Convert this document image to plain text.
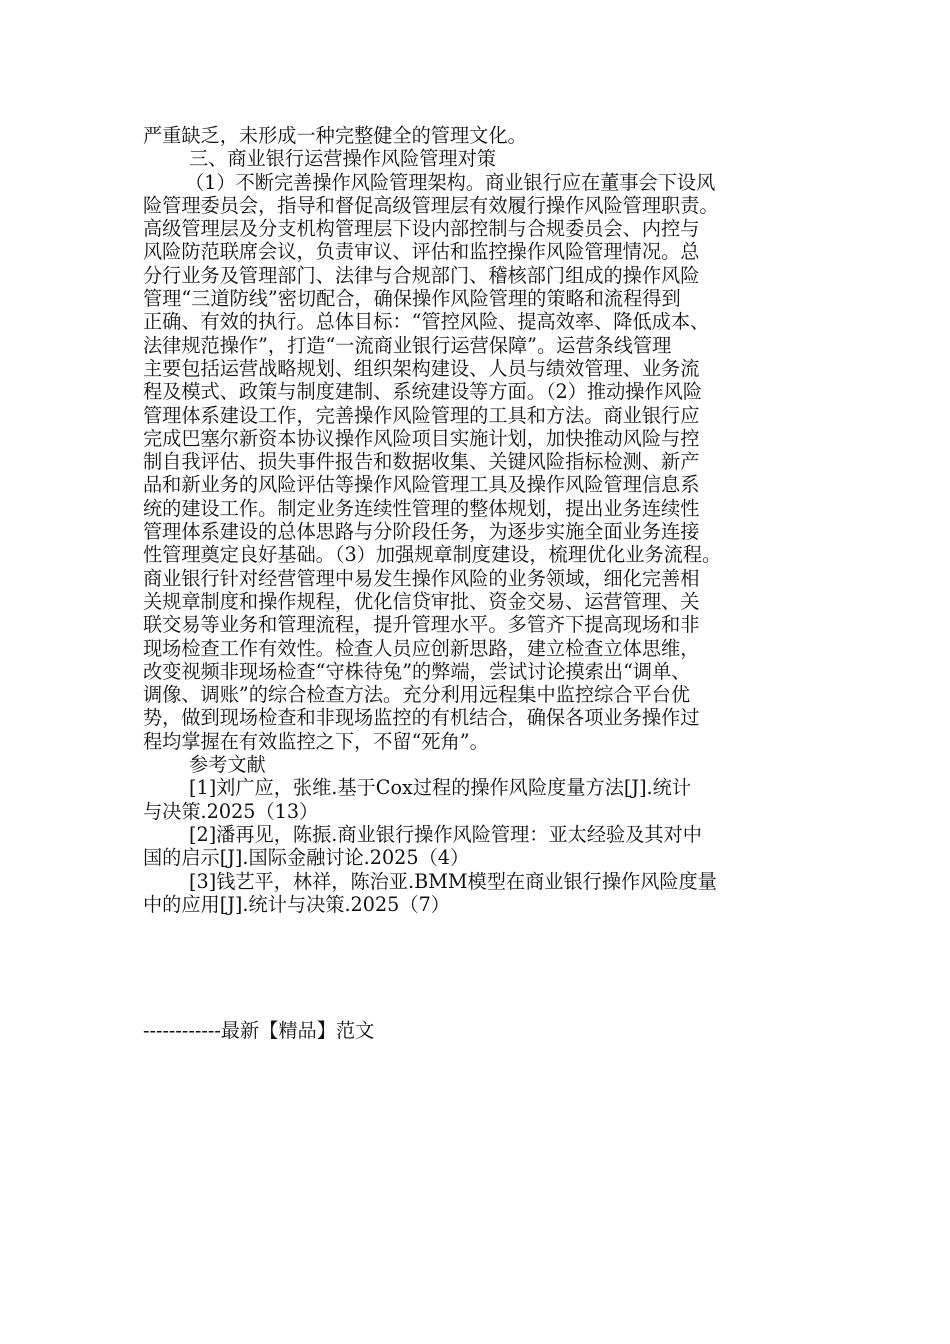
严重缺乏，未形成一种完整健全的管理文化。
三、商业银行运营操作风险管理对策
（1）不断完善操作风险管理架构。商业银行应在董事会下设风
险管理委员会，指导和督促高级管理层有效履行操作风险管理职责。
高级管理层及分支机构管理层下设内部控制与合规委员会、内控与
风险防范联席会议，负责审议、评估和监控操作风险管理情况。总
分行业务及管理部门、法律与合规部门、稽核部门组成的操作风险
管理“三道防线”密切配合，确保操作风险管理的策略和流程得到
正确、有效的执行。总体目标：“管控风险、提高效率、降低成本、
法律规范操作”，打造“一流商业银行运营保障”。运营条线管理
主要包括运营战略规划、组织架构建设、人员与绩效管理、业务流
程及模式、政策与制度建制、系统建设等方面。（2）推动操作风险
管理体系建设工作，完善操作风险管理的工具和方法。商业银行应
完成巴塞尔新资本协议操作风险项目实施计划，加快推动风险与控
制自我评估、损失事件报告和数据收集、关键风险指标检测、新产
品和新业务的风险评估等操作风险管理工具及操作风险管理信息系
统的建设工作。制定业务连续性管理的整体规划，提出业务连续性
管理体系建设的总体思路与分阶段任务，为逐步实施全面业务连接
性管理奠定良好基础。（3）加强规章制度建设，梳理优化业务流程。
商业银行针对经营管理中易发生操作风险的业务领域，细化完善相
关规章制度和操作规程，优化信贷审批、资金交易、运营管理、关
联交易等业务和管理流程，提升管理水平。多管齐下提高现场和非
现场检查工作有效性。检查人员应创新思路，建立检查立体思维，
改变视频非现场检查“守株待兔”的弊端，尝试讨论摸索出“调单、
调像、调账”的综合检查方法。充分利用远程集中监控综合平台优
势，做到现场检查和非现场监控的有机结合，确保各项业务操作过
程均掌握在有效监控之下，不留“死角”。
参考文献
[1]刘广应，张维.基于Cox过程的操作风险度量方法[J].统计
与决策.2025（13）
[2]潘再见，陈振.商业银行操作风险管理：亚太经验及其对中
国的启示[J].国际金融讨论.2025（4）
[3]钱艺平，林祥，陈治亚.BMM模型在商业银行操作风险度量
中的应用[J].统计与决策.2025（7）
------------最新【精品】范文
